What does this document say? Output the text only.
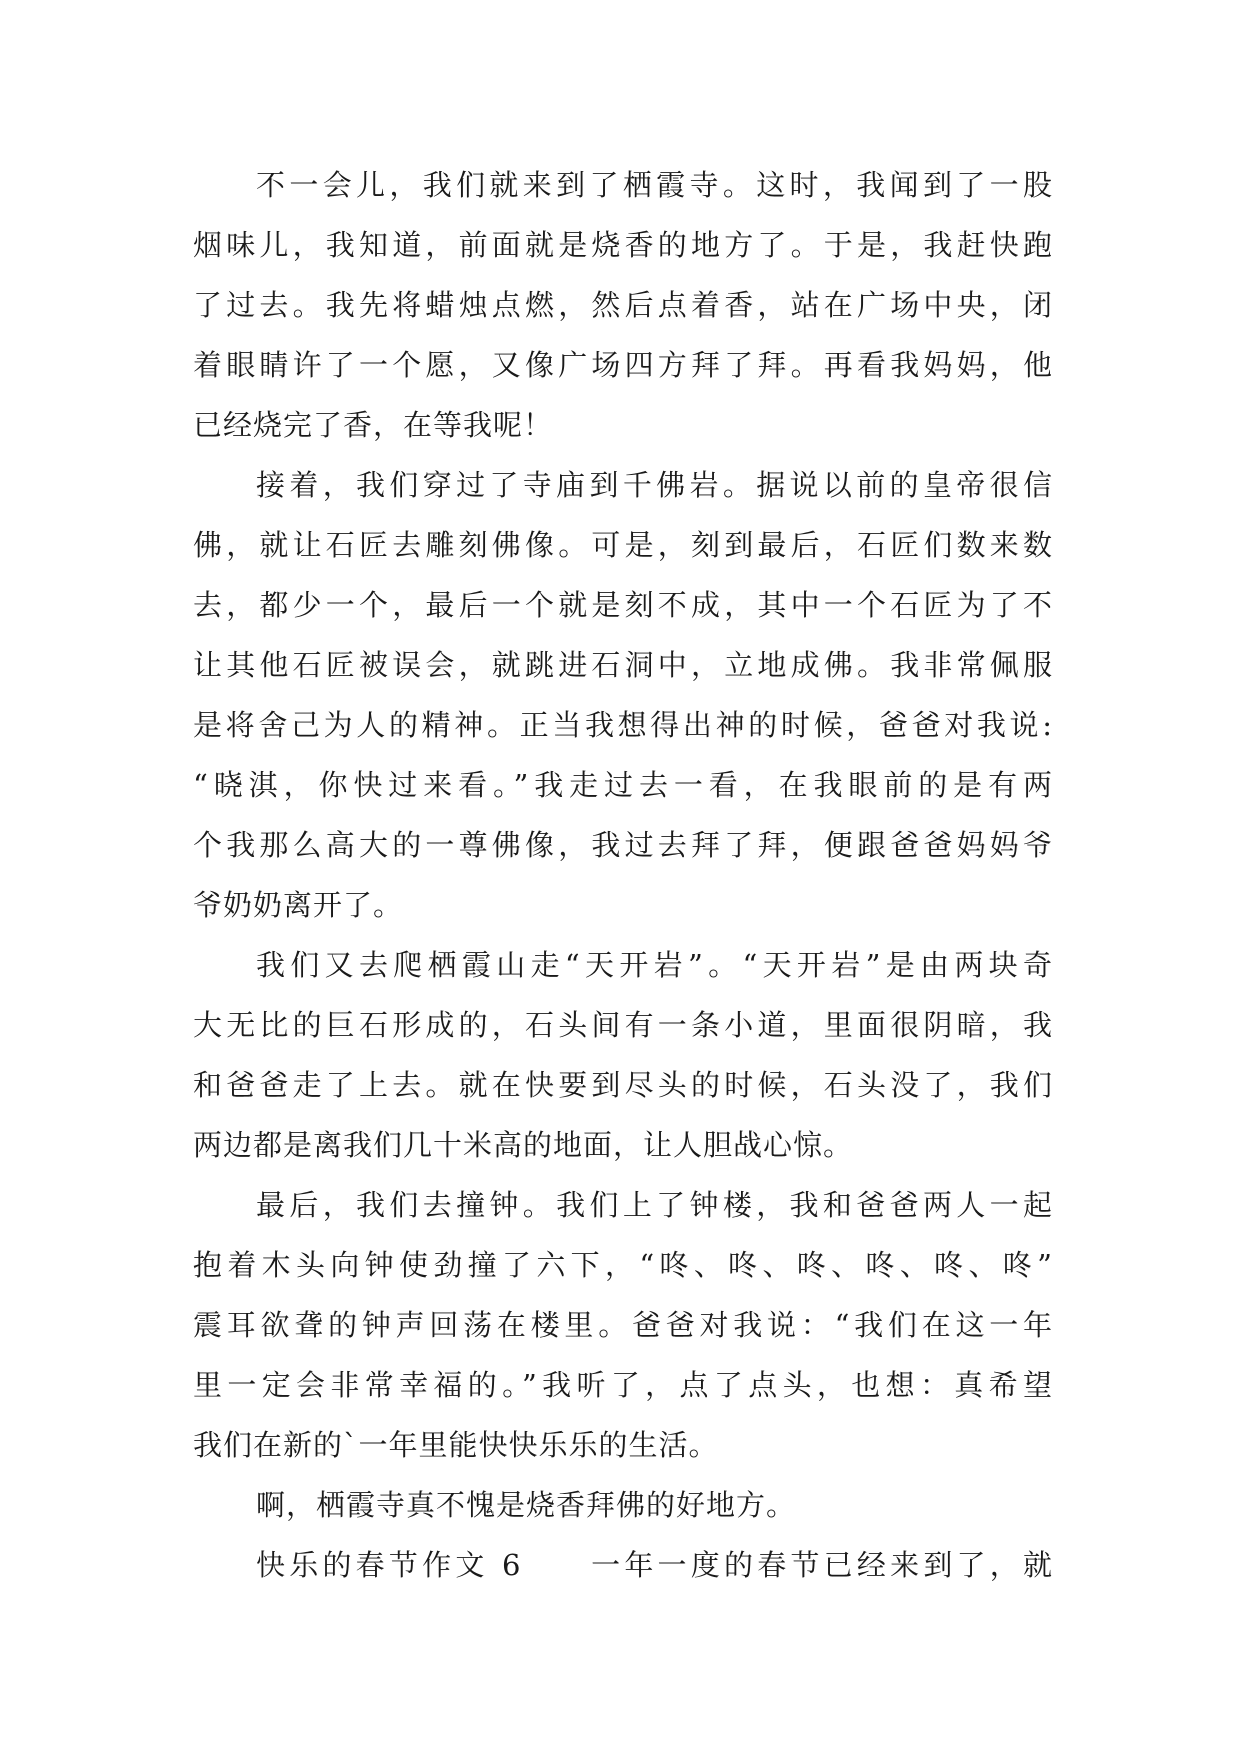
不一会儿，我们就来到了栖霞寺。这时，我闻到了一股
烟味儿，我知道，前面就是烧香的地方了。于是，我赶快跑
了过去。我先将蜡烛点燃，然后点着香，站在广场中央，闭
着眼睛许了一个愿，又像广场四方拜了拜。再看我妈妈，他
已经烧完了香，在等我呢！
接着，我们穿过了寺庙到千佛岩。据说以前的皇帝很信
佛，就让石匠去雕刻佛像。可是，刻到最后，石匠们数来数
去，都少一个，最后一个就是刻不成，其中一个石匠为了不
让其他石匠被误会，就跳进石洞中，立地成佛。我非常佩服
是将舍己为人的精神。正当我想得出神的时候，爸爸对我说:
“晓淇，你快过来看。”我走过去一看，在我眼前的是有两
个我那么高大的一尊佛像，我过去拜了拜，便跟爸爸妈妈爷
爷奶奶离开了。
我们又去爬栖霞山走“天开岩”。“天开岩”是由两块奇
大无比的巨石形成的，石头间有一条小道，里面很阴暗，我
和爸爸走了上去。就在快要到尽头的时候，石头没了，我们
两边都是离我们几十米高的地面，让人胆战心惊。
最后，我们去撞钟。我们上了钟楼，我和爸爸两人一起
抱着木头向钟使劲撞了六下，“咚、咚、咚、咚、咚、咚”
震耳欲聋的钟声回荡在楼里。爸爸对我说：“我们在这一年
里一定会非常幸福的。”我听了，点了点头，也想：真希望
我们在新的`一年里能快快乐乐的生活。
啊，栖霞寺真不愧是烧香拜佛的好地方。
快乐的春节作文 6　　一年一度的春节已经来到了，就
